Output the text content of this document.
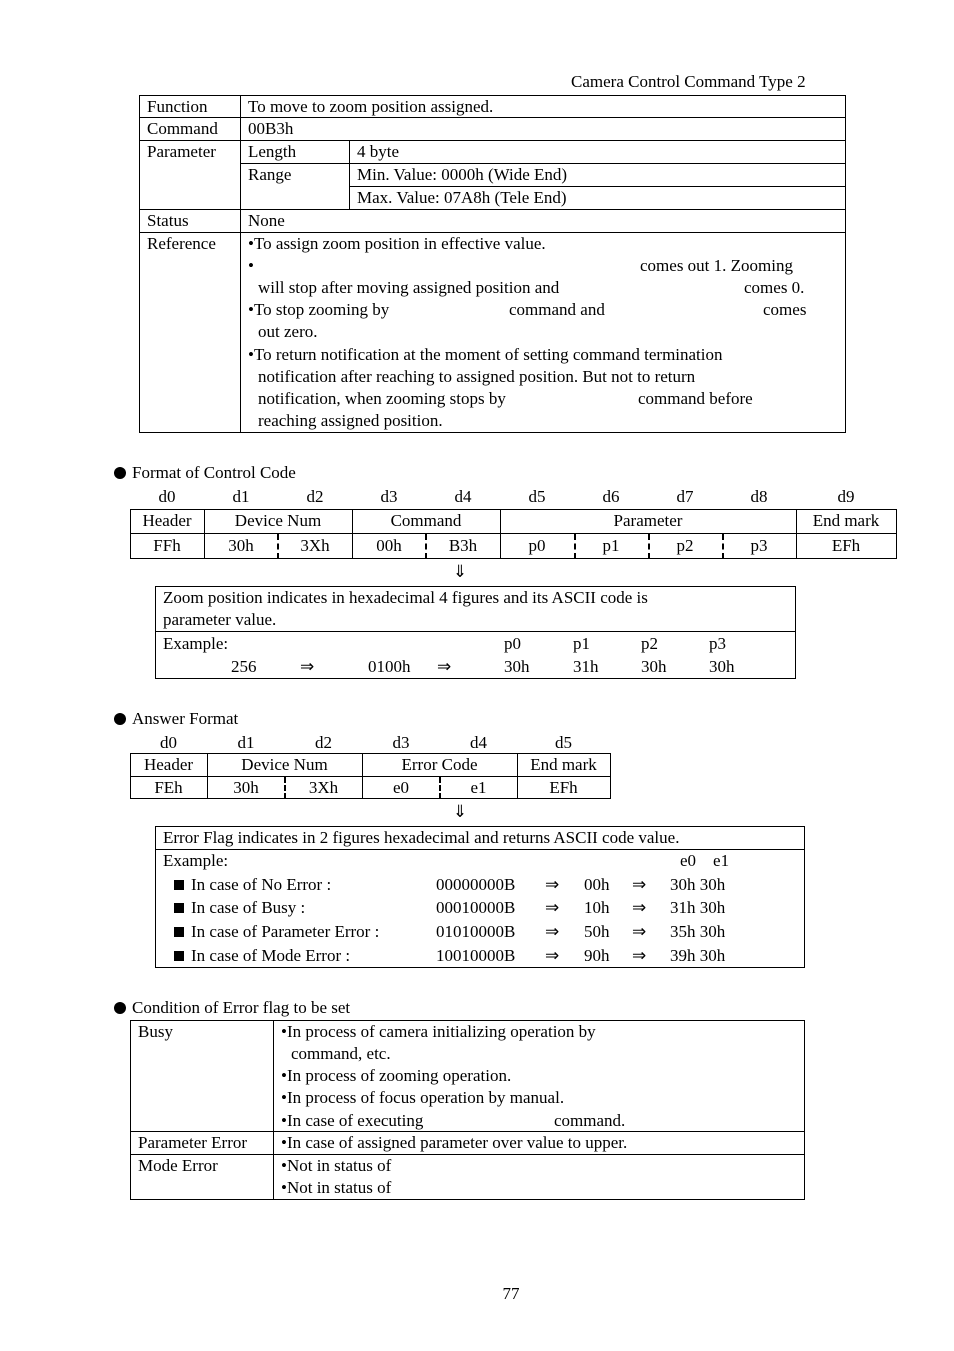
Camera Control Command Type 2
Function To move to zoom position assigned.
Command 00B3h
Parameter Length	4 byte
Range	Min. Value: 0000h (Wide End)
Max. Value: 07A8h (Tele End)
Status	None
Reference •To assign zoom position in effective value.
•	comes out 1. Zooming
will stop after moving assigned position and	comes 0.
•To stop zooming by	command and	comes
out zero.
•To return notification at the moment of setting command termination
notification after reaching to assigned position. But not to return
notification, when zooming stops by	command before
reaching assigned position.
Format of Control Code
d0	d1	d2	d3	d4	d5	d6	d7	d8	d9
Header	Device Num	Command	Parameter	End mark
FFh	30h	3Xh	00h	B3h	p0	p1	p2	p3	EFh
⇓
Zoom position indicates in hexadecimal 4 figures and its ASCII code is
parameter value.
Example:	p0	p1	p2	p3
256	⇒	0100h ⇒	30h	31h	30h	30h
Answer Format
d0	d1	d2	d3	d4	d5
Header	Device Num	Error Code	End mark
FEh	30h	3Xh	e0	e1	EFh
⇓
Error Flag indicates in 2 figures hexadecimal and returns ASCII code value.
Example:	e0    e1
In case of No Error :	00000000B ⇒ 00h ⇒ 30h 30h
In case of Busy :	00010000B ⇒ 10h ⇒ 31h 30h
In case of Parameter Error :	01010000B ⇒ 50h ⇒ 35h 30h
In case of Mode Error :	10010000B ⇒ 90h ⇒ 39h 30h
Condition of Error flag to be set
Busy	•In process of camera initializing operation by
command, etc.
•In process of zooming operation.
•In process of focus operation by manual.
•In case of executing	command.
Parameter Error •In case of assigned parameter over value to upper.
Mode Error	•Not in status of
•Not in status of
77
